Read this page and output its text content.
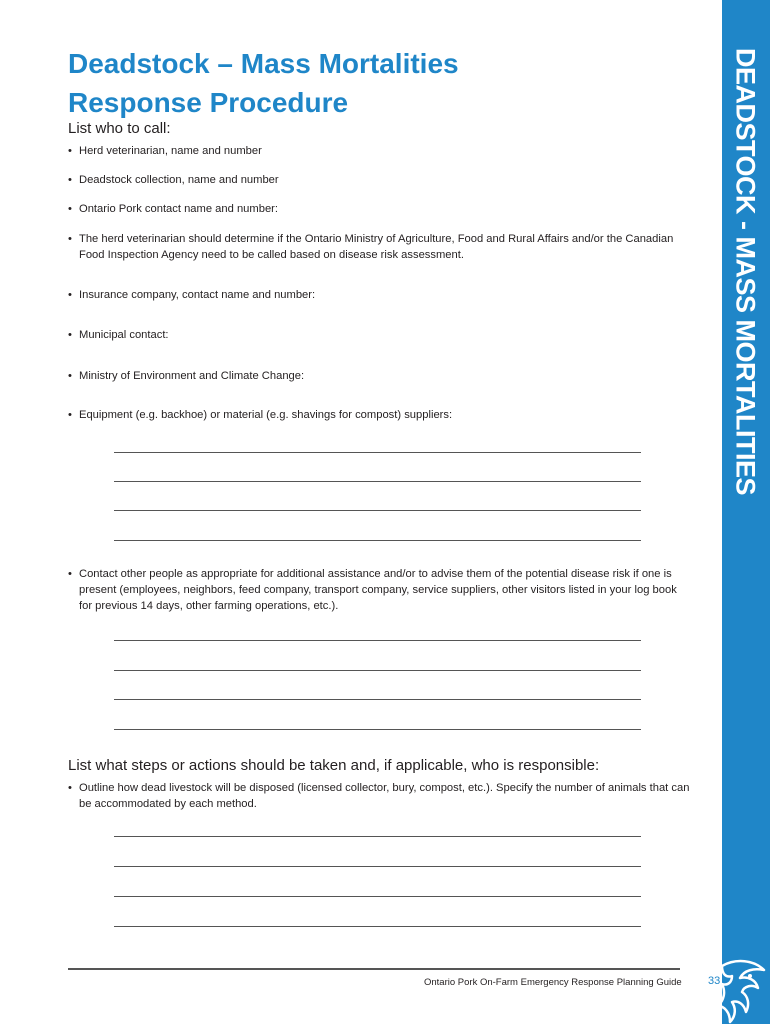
DEADSTOCK - MASS MORTALITIES
Deadstock – Mass Mortalities
Response Procedure
List who to call:
• Herd veterinarian, name and number
• Deadstock collection, name and number
• Ontario Pork contact name and number:
• The herd veterinarian should determine if the Ontario Ministry of Agriculture, Food and Rural Affairs and/or the Canadian Food Inspection Agency need to be called based on disease risk assessment.
• Insurance company, contact name and number:
• Municipal contact:
• Ministry of Environment and Climate Change:
• Equipment (e.g. backhoe) or material (e.g. shavings for compost) suppliers:
• Contact other people as appropriate for additional assistance and/or to advise them of the potential disease risk if one is present (employees, neighbors, feed company, transport company, service suppliers, other visitors listed in your log book for previous 14 days, other farming operations, etc.).
List what steps or actions should be taken and, if applicable, who is responsible:
• Outline how dead livestock will be disposed (licensed collector, bury, compost, etc.). Specify the number of animals that can be accommodated by each method.
Ontario Pork On-Farm Emergency Response Planning Guide 33
